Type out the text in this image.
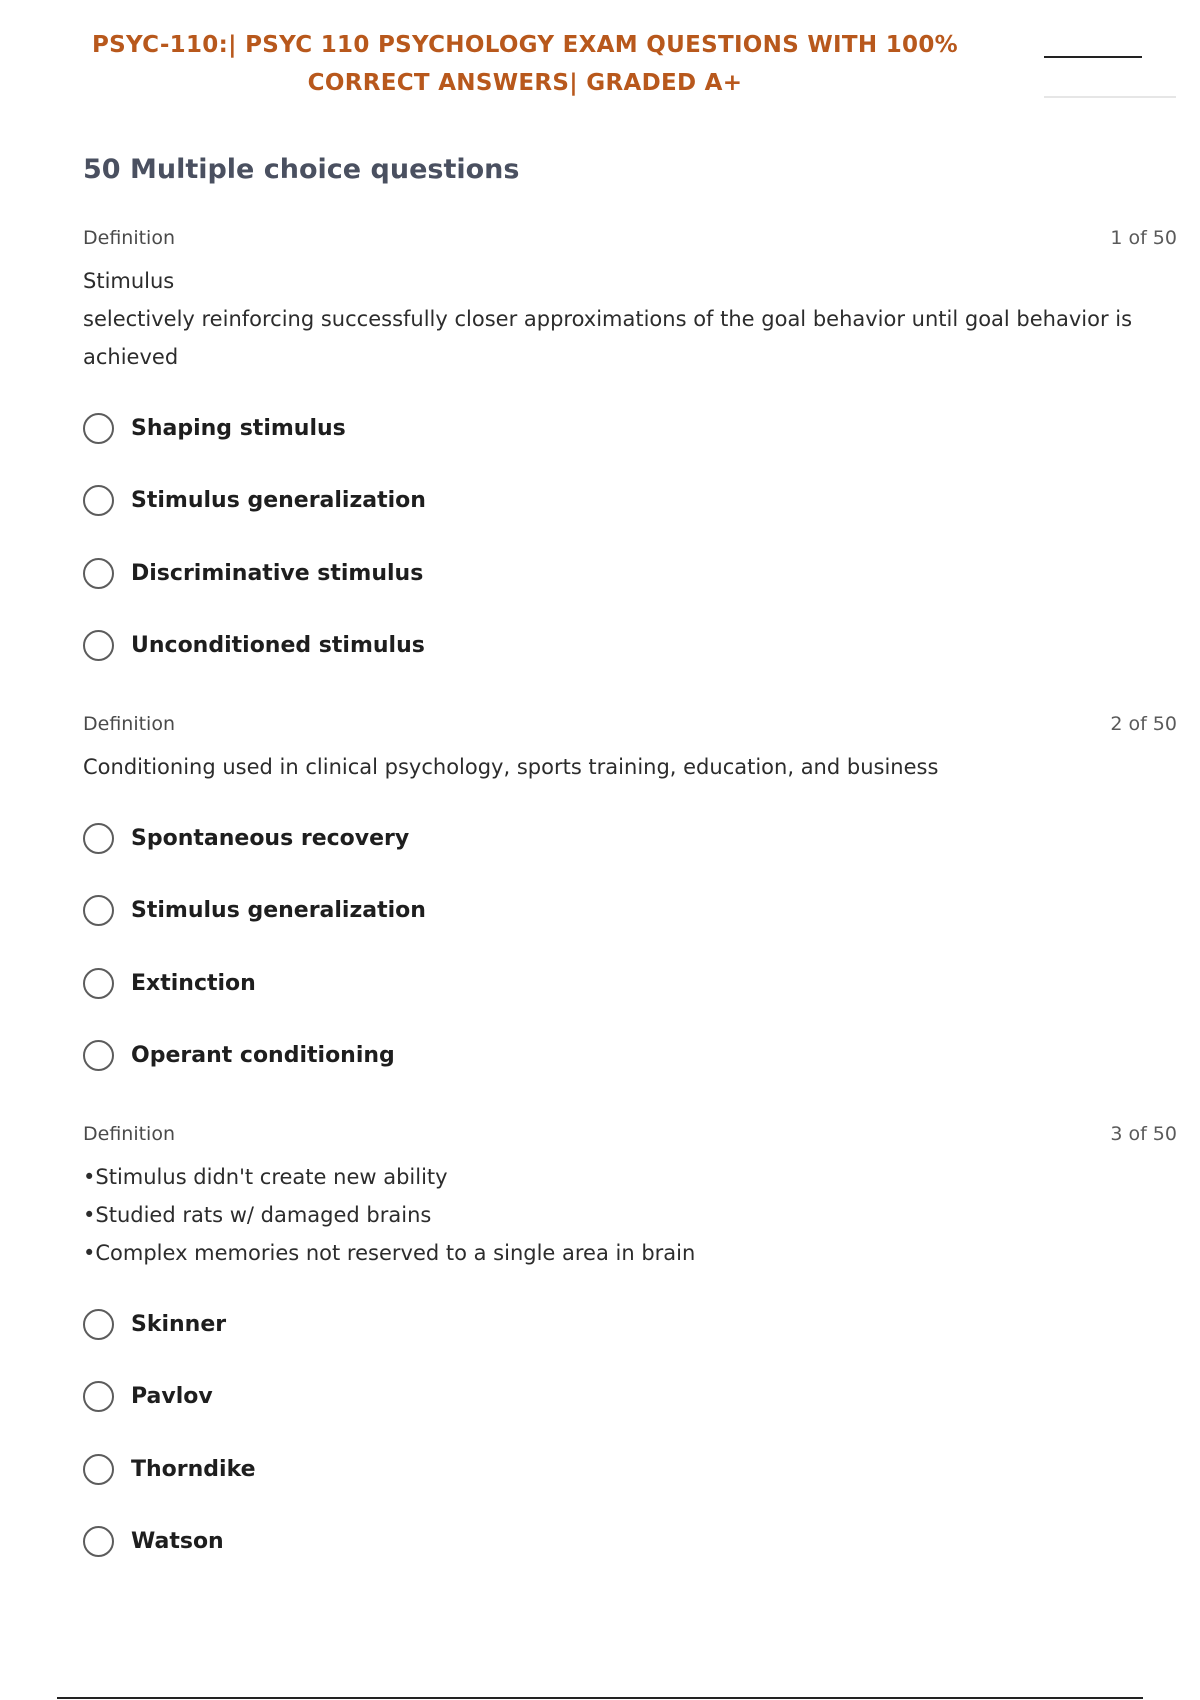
PSYC-110:| PSYC 110 PSYCHOLOGY EXAM QUESTIONS WITH 100%
CORRECT ANSWERS| GRADED A+
50 Multiple choice questions
Definition	1 of 50
Stimulus
selectively reinforcing successfully closer approximations of the goal behavior until goal behavior is achieved
Shaping stimulus
Stimulus generalization
Discriminative stimulus
Unconditioned stimulus
Definition	2 of 50
Conditioning used in clinical psychology, sports training, education, and business
Spontaneous recovery
Stimulus generalization
Extinction
Operant conditioning
Definition	3 of 50
•Stimulus didn't create new ability
•Studied rats w/ damaged brains
•Complex memories not reserved to a single area in brain
Skinner
Pavlov
Thorndike
Watson
